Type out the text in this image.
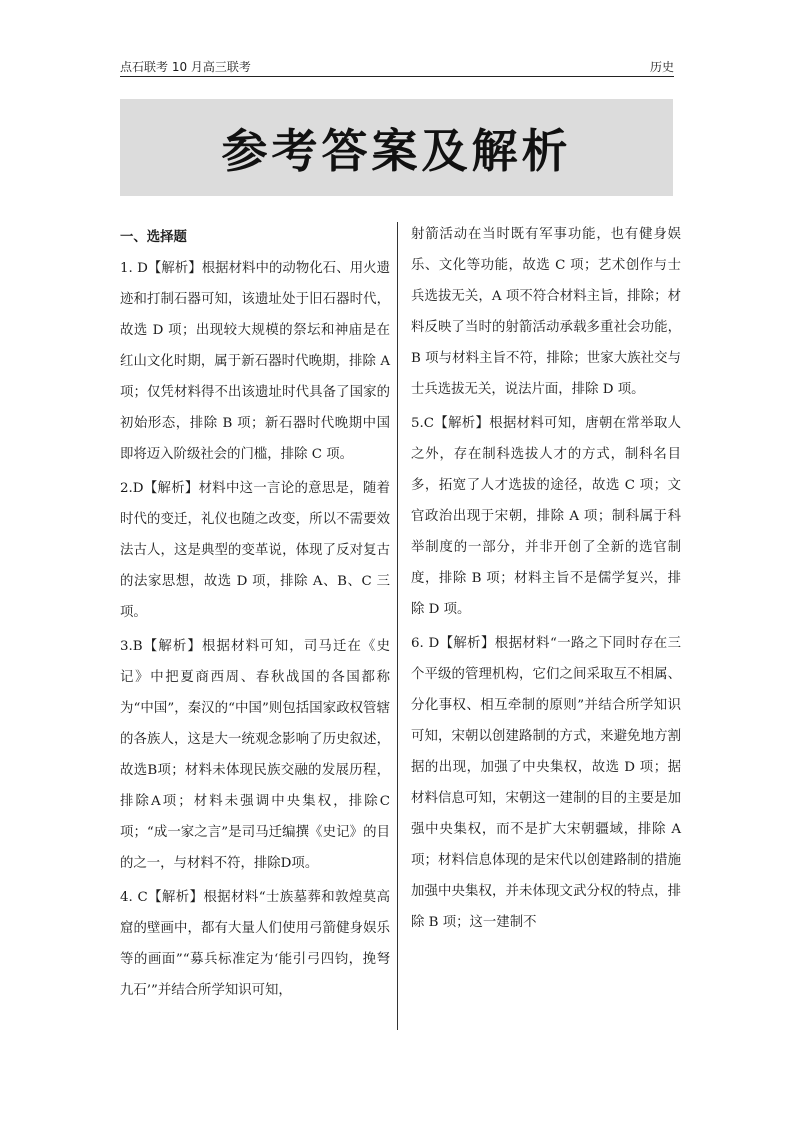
点石联考 10 月高三联考	历史
参考答案及解析
一、选择题

1. D【解析】根据材料中的动物化石、用火遗迹和打制石器可知，该遗址处于旧石器时代，故选 D 项；出现较大规模的祭坛和神庙是在红山文化时期，属于新石器时代晚期，排除 A 项；仅凭材料得不出该遗址时代具备了国家的初始形态，排除 B 项；新石器时代晚期中国即将迈入阶级社会的门槛，排除 C 项。

2.D【解析】材料中这一言论的意思是，随着时代的变迁，礼仪也随之改变，所以不需要效法古人，这是典型的变革说，体现了反对复古的法家思想，故选 D 项，排除 A、B、C 三项。

3.B【解析】根据材料可知，司马迁在《史记》中把夏商西周、春秋战国的各国都称为“中国”，秦汉的“中国”则包括国家政权管辖的各族人，这是大一统观念影响了历史叙述，故选B项；材料未体现民族交融的发展历程，排除A项；材料未强调中央集权，排除C项；“成一家之言”是司马迁编撰《史记》的目的之一，与材料不符，排除D项。

4. C【解析】根据材料“士族墓葬和敦煌莫高窟的壁画中，都有大量人们使用弓箭健身娱乐等的画面”“募兵标准定为‘能引弓四钧，挽弩九石’”并结合所学知识可知，

射箭活动在当时既有军事功能，也有健身娱乐、文化等功能，故选 C 项；艺术创作与士兵选拔无关，A 项不符合材料主旨，排除；材料反映了当时的射箭活动承载多重社会功能，B 项与材料主旨不符，排除；世家大族社交与士兵选拔无关，说法片面，排除 D 项。

5.C【解析】根据材料可知，唐朝在常举取人之外，存在制科选拔人才的方式，制科名目多，拓宽了人才选拔的途径，故选 C 项；文官政治出现于宋朝，排除 A 项；制科属于科举制度的一部分，并非开创了全新的选官制度，排除 B 项；材料主旨不是儒学复兴，排除 D 项。

6. D【解析】根据材料“一路之下同时存在三个平级的管理机构，它们之间采取互不相属、分化事权、相互牵制的原则”并结合所学知识可知，宋朝以创建路制的方式，来避免地方割据的出现，加强了中央集权，故选 D 项；据材料信息可知，宋朝这一建制的目的主要是加强中央集权，而不是扩大宋朝疆域，排除 A 项；材料信息体现的是宋代以创建路制的措施加强中央集权，并未体现文武分权的特点，排除 B 项；这一建制不
